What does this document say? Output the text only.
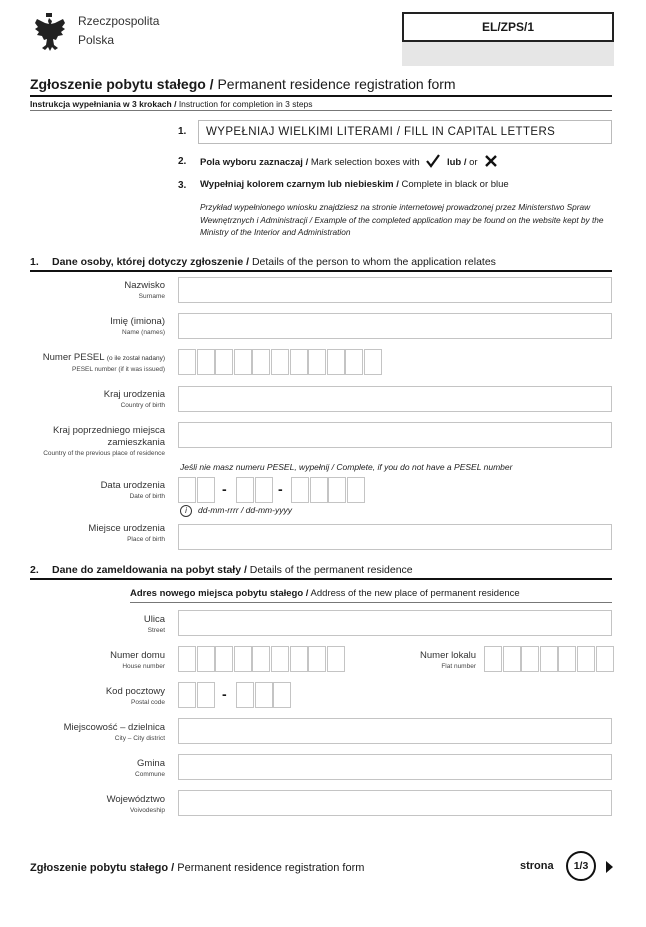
Rzeczpospolita
Polska
EL/ZPS/1
Zgłoszenie pobytu stałego / Permanent residence registration form
Instrukcja wypełniania w 3 krokach / Instruction for completion in 3 steps
1. WYPEŁNIAJ WIELKIMI LITERAMI / FILL IN CAPITAL LETTERS
2. Pola wyboru zaznaczaj / Mark selection boxes with	lub / or
3. Wypełniaj kolorem czarnym lub niebieskim / Complete in black or blue
Przykład wypełnionego wniosku znajdziesz na stronie internetowej prowadzonej przez Ministerstwo Spraw Wewnętrznych i Administracji / Example of the completed application may be found on the website kept by the Ministry of the Interior and Administration
1. Dane osoby, której dotyczy zgłoszenie / Details of the person to whom the application relates
Nazwisko
Surname
Imię (imiona)
Name (names)
Numer PESEL (o ile został nadany)
PESEL number (if it was issued)
Kraj urodzenia
Country of birth
Kraj poprzedniego miejsca
zamieszkania
Country of the previous place of residence
Jeśli nie masz numeru PESEL, wypełnij / Complete, if you do not have a PESEL number
Data urodzenia
Date of birth	-	-
i dd-mm-rrrr / dd-mm-yyyy
Miejsce urodzenia
Place of birth
2. Dane do zameldowania na pobyt stały / Details of the permanent residence
Adres nowego miejsca pobytu stałego / Address of the new place of permanent residence
Ulica
Street
Numer domu
House number
Numer lokalu
Flat number
Kod pocztowy
Postal code
-
Miejscowość – dzielnica
City – City district
Gmina
Commune
Województwo
Voivodeship
Zgłoszenie pobytu stałego / Permanent residence registration form	strona 1/3
